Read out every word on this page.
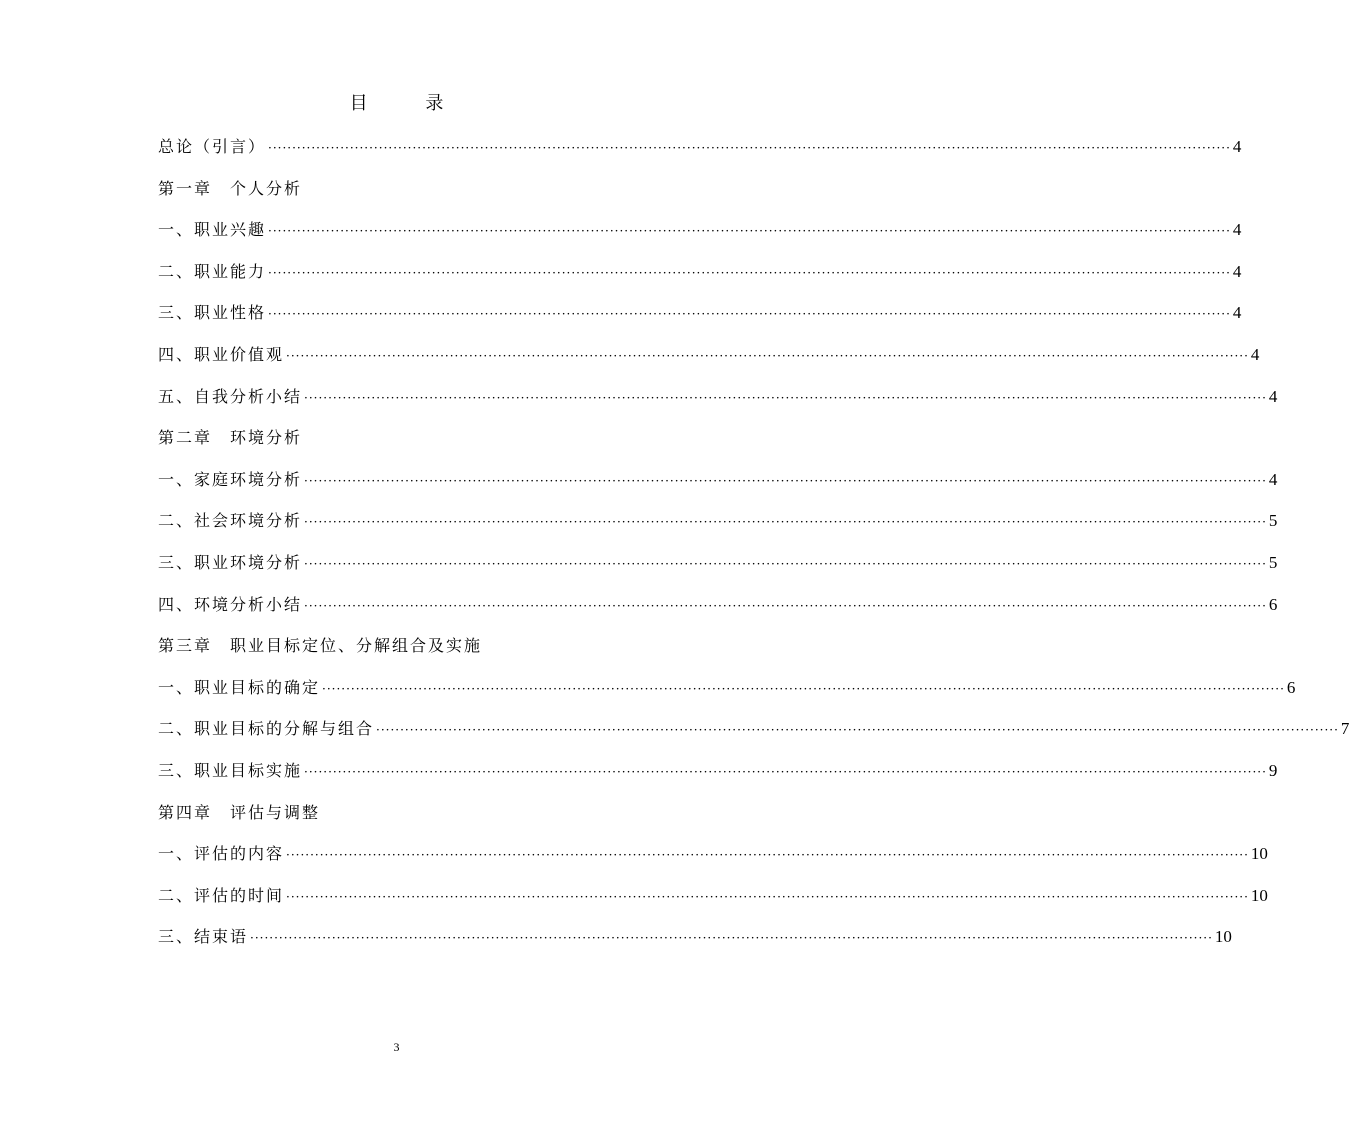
目 录
总论（引言） ········································································································································································································ 4
第一章 个人分析
一、职业兴趣 ········································································································································································································ 4
二、职业能力 ········································································································································································································ 4
三、职业性格 ········································································································································································································ 4
四、职业价值观 ········································································································································································································ 4
五、自我分析小结 ········································································································································································································ 4
第二章 环境分析
一、家庭环境分析 ········································································································································································································ 4
二、社会环境分析 ········································································································································································································ 5
三、职业环境分析 ········································································································································································································ 5
四、环境分析小结 ········································································································································································································ 6
第三章 职业目标定位、分解组合及实施
一、职业目标的确定 ········································································································································································································ 6
二、职业目标的分解与组合 ········································································································································································································ 7
三、职业目标实施 ········································································································································································································ 9
第四章 评估与调整
一、评估的内容 ········································································································································································································ 10
二、评估的时间 ········································································································································································································ 10
三、结束语 ········································································································································································································ 10
3
